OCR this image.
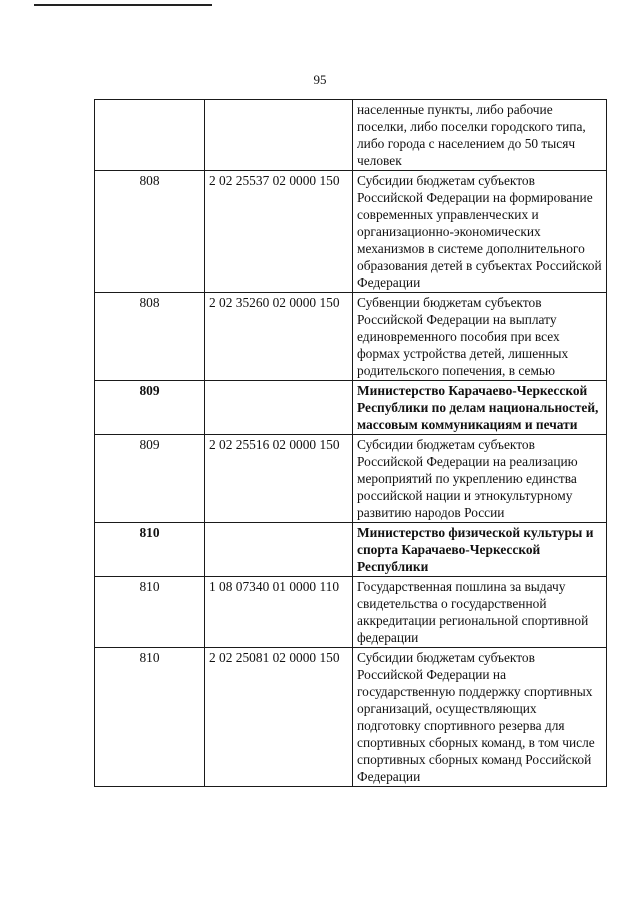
95
		населенные пункты, либо рабочие поселки, либо поселки городского типа, либо города с населением до 50 тысяч человек
808	2 02 25537 02 0000 150	Субсидии бюджетам субъектов Российской Федерации на формирование современных управленческих и организационно-экономических механизмов в системе дополнительного образования детей в субъектах Российской Федерации
808	2 02 35260 02 0000 150	Субвенции бюджетам субъектов Российской Федерации на выплату единовременного пособия при всех формах устройства детей, лишенных родительского попечения, в семью
809		Министерство Карачаево-Черкесской Республики по делам национальностей, массовым коммуникациям и печати
809	2 02 25516 02 0000 150	Субсидии бюджетам субъектов Российской Федерации на реализацию мероприятий по укреплению единства российской нации и этнокультурному развитию народов России
810		Министерство физической культуры и спорта Карачаево-Черкесской Республики
810	1 08 07340 01 0000 110	Государственная пошлина за выдачу свидетельства о государственной аккредитации региональной спортивной федерации
810	2 02 25081 02 0000 150	Субсидии бюджетам субъектов Российской Федерации на государственную поддержку спортивных организаций, осуществляющих подготовку спортивного резерва для спортивных сборных команд, в том числе спортивных сборных команд Российской Федерации
